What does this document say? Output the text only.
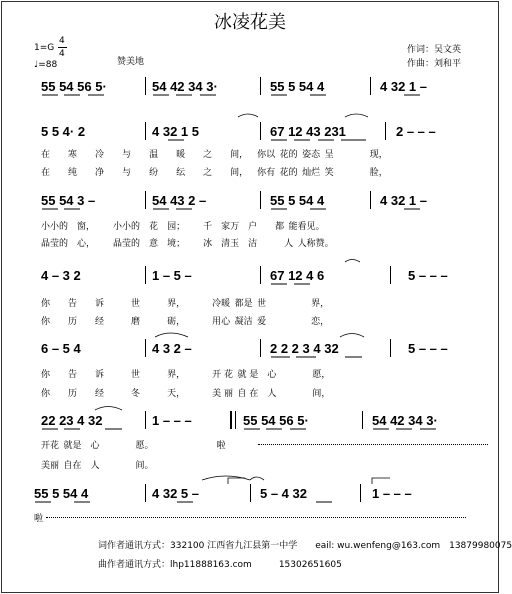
冰凌花美
1=G
4
4
♩=88	赞美地
作词：吴文英
作曲：刘和平
55 54 56 5·	54 42 34 3·	55 5 54 4	4 32 1 –
5 5 4· 2	4 32 1 5	67 12 43 231	2 – – –
在   寒   冷   与   温   暖   之   间，  你以  花的  姿态  呈    	现，
在   纯   净   与   纷   纭   之   间，  你有  花的  灿烂  笑    	脸，
55 54 3 –	54 43 2 –	55 5 54 4	4 32 1 –
小小的  窗，   小小的  花  园；   千  家万  户   都  能看见。
晶莹的  心，   晶莹的  意  境；   冰  清玉  洁   	人  人称赞。
4 – 3 2	1 – 5 –	67 12 4 6	5 – – –
你   告   诉   	世   	界，   	冷暖  都是  世     	界，
你   历   经   	磨   	砺，   	用心  凝洁  爱     	恋，
6 – 5 4	4 3 2 –	2 2 2 3 4 32	5 – – –
你   告   诉   	世   	界，   	开 花  就 是  心    	愿，
你   历   经   	冬   	天，   	美 丽  自 在  人    	间，
22 23 4 32	1 – – –	55 54 56 5·	54 42 34 3·
开花  就是  心    	愿。       	啦
美丽  自在  人    	间。
55 5 54 4	4 32 5 –	5 – 4 32	1 – – –
啦
词作者通讯方式：332100 江西省九江县第一中学   eail: wu.wenfeng@163.com  13879980075
曲作者通讯方式：lhp11888163.com   	15302651605
